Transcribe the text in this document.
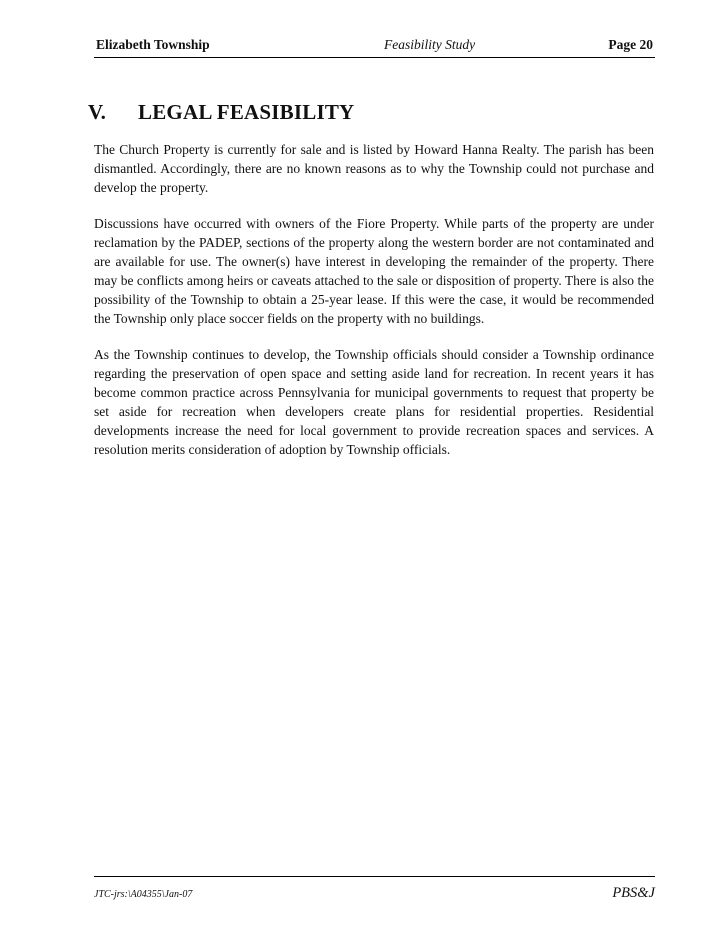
Elizabeth Township	Feasibility Study	Page 20
V. LEGAL FEASIBILITY

The Church Property is currently for sale and is listed by Howard Hanna Realty. The parish has been dismantled. Accordingly, there are no known reasons as to why the Township could not purchase and develop the property.

Discussions have occurred with owners of the Fiore Property. While parts of the property are under reclamation by the PADEP, sections of the property along the western border are not contaminated and are available for use. The owner(s) have interest in developing the remainder of the property. There may be conflicts among heirs or caveats attached to the sale or disposition of property. There is also the possibility of the Township to obtain a 25-year lease. If this were the case, it would be recommended the Township only place soccer fields on the property with no buildings.

As the Township continues to develop, the Township officials should consider a Township ordinance regarding the preservation of open space and setting aside land for recreation. In recent years it has become common practice across Pennsylvania for municipal governments to request that property be set aside for recreation when developers create plans for residential properties. Residential developments increase the need for local government to provide recreation spaces and services. A resolution merits consideration of adoption by Township officials.

JTC-jrs:\A04355\Jan-07	PBS&J
